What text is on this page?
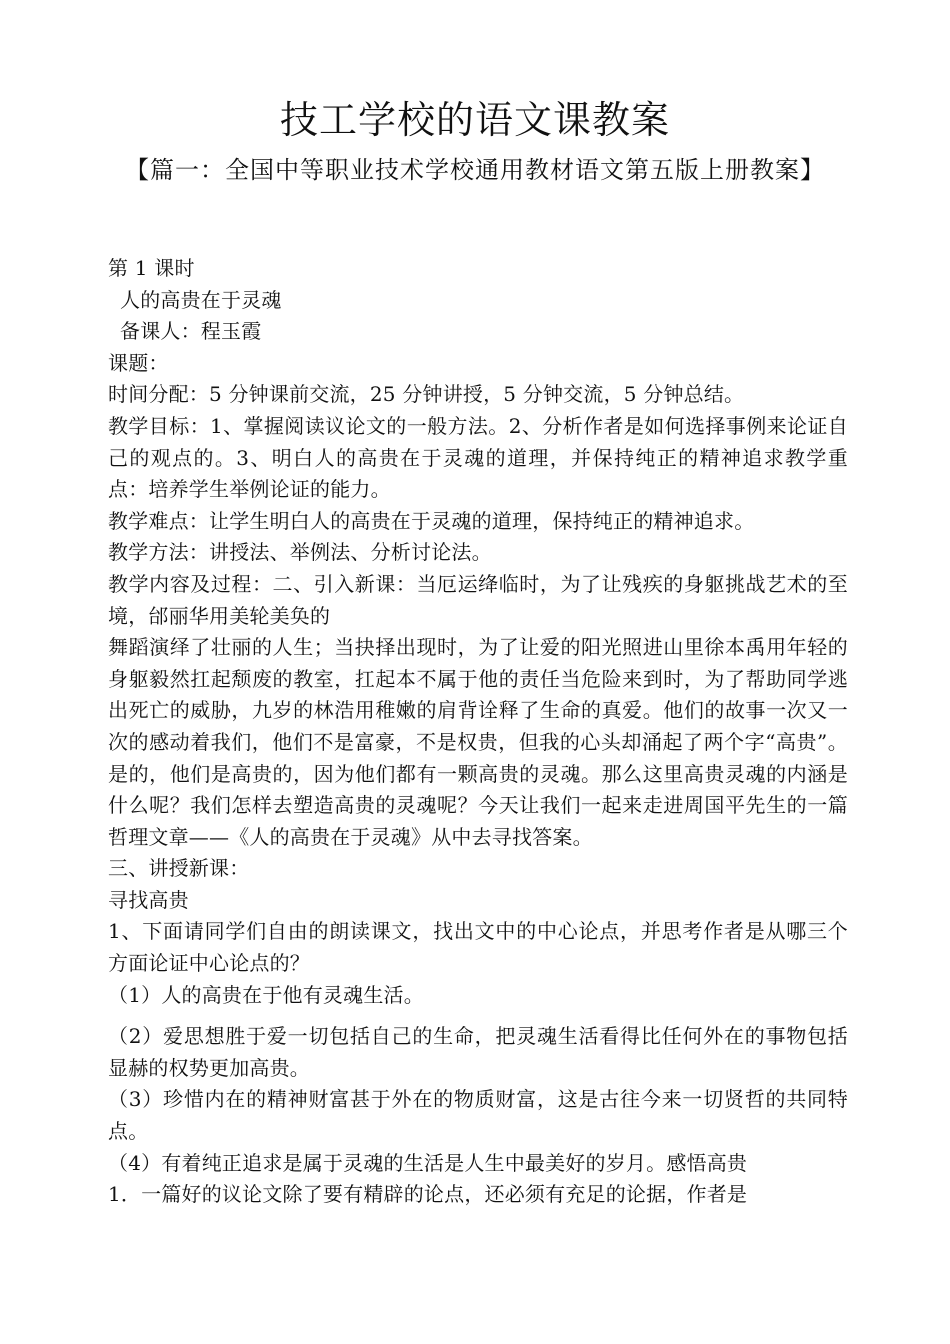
技工学校的语文课教案
【篇一：全国中等职业技术学校通用教材语文第五版上册教案】

第 1 课时

人的高贵在于灵魂

备课人：程玉霞

课题：

时间分配：5 分钟课前交流，25 分钟讲授，5 分钟交流，5 分钟总结。

教学目标：1、掌握阅读议论文的一般方法。2、分析作者是如何选择事例来论证自己的观点的。3、明白人的高贵在于灵魂的道理，并保持纯正的精神追求教学重点：培养学生举例论证的能力。

教学难点：让学生明白人的高贵在于灵魂的道理，保持纯正的精神追求。

教学方法：讲授法、举例法、分析讨论法。

教学内容及过程：二、引入新课：当厄运绛临时，为了让残疾的身躯挑战艺术的至境，邰丽华用美轮美奂的

舞蹈演绎了壮丽的人生；当抉择出现时，为了让爱的阳光照进山里徐本禹用年轻的身躯毅然扛起颓废的教室，扛起本不属于他的责任当危险来到时，为了帮助同学逃出死亡的威胁，九岁的林浩用稚嫩的肩背诠释了生命的真爱。他们的故事一次又一次的感动着我们，他们不是富豪，不是权贵，但我的心头却涌起了两个字“高贵”。是的，他们是高贵的，因为他们都有一颗高贵的灵魂。那么这里高贵灵魂的内涵是什么呢？我们怎样去塑造高贵的灵魂呢？今天让我们一起来走进周国平先生的一篇哲理文章——《人的高贵在于灵魂》从中去寻找答案。

三、讲授新课：

寻找高贵

1、下面请同学们自由的朗读课文，找出文中的中心论点，并思考作者是从哪三个方面论证中心论点的？

（1）人的高贵在于他有灵魂生活。

（2）爱思想胜于爱一切包括自己的生命，把灵魂生活看得比任何外在的事物包括显赫的权势更加高贵。

（3）珍惜内在的精神财富甚于外在的物质财富，这是古往今来一切贤哲的共同特点。

（4）有着纯正追求是属于灵魂的生活是人生中最美好的岁月。感悟高贵

1．一篇好的议论文除了要有精辟的论点，还必须有充足的论据，作者是
